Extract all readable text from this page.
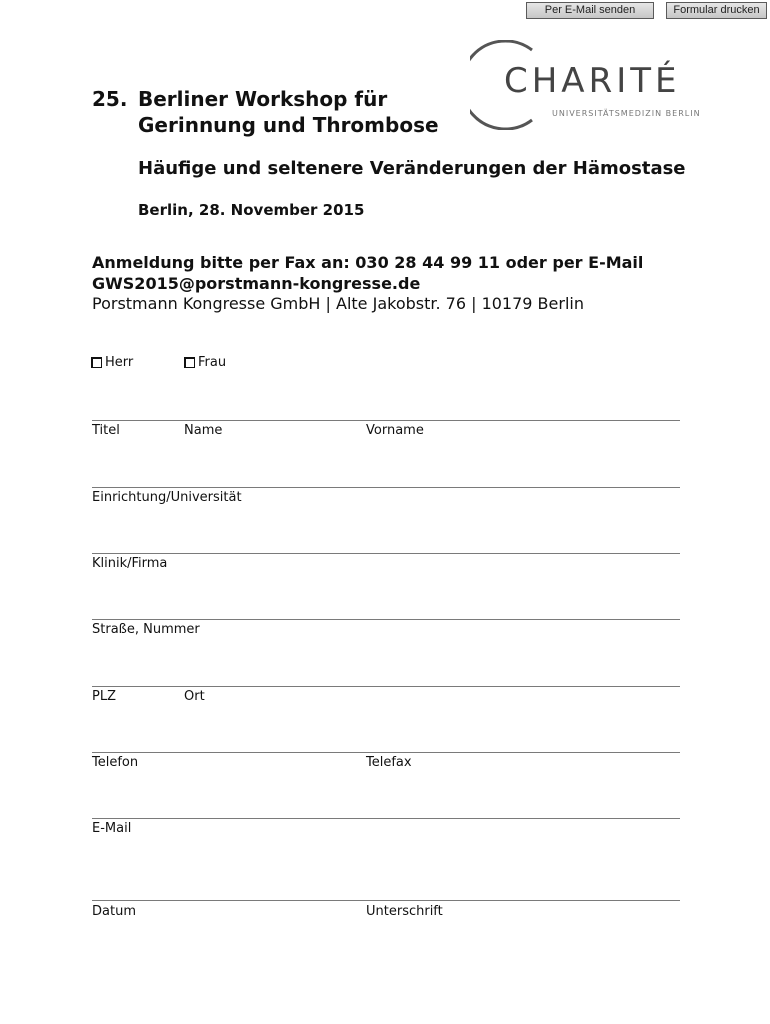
Per E-Mail senden	Formular drucken
CHARITÉ
UNIVERSITÄTSMEDIZIN BERLIN
25. Berliner Workshop für
Gerinnung und Thrombose
Häufige und seltenere Veränderungen der Hämostase
Berlin, 28. November 2015
Anmeldung bitte per Fax an: 030 28 44 99 11 oder per E-Mail
GWS2015@porstmann-kongresse.de
Porstmann Kongresse GmbH | Alte Jakobstr. 76 | 10179 Berlin
Herr	Frau
Titel	Name	Vorname
Einrichtung/Universität
Klinik/Firma
Straße, Nummer
PLZ	Ort
Telefon	Telefax
E-Mail
Datum	Unterschrift
